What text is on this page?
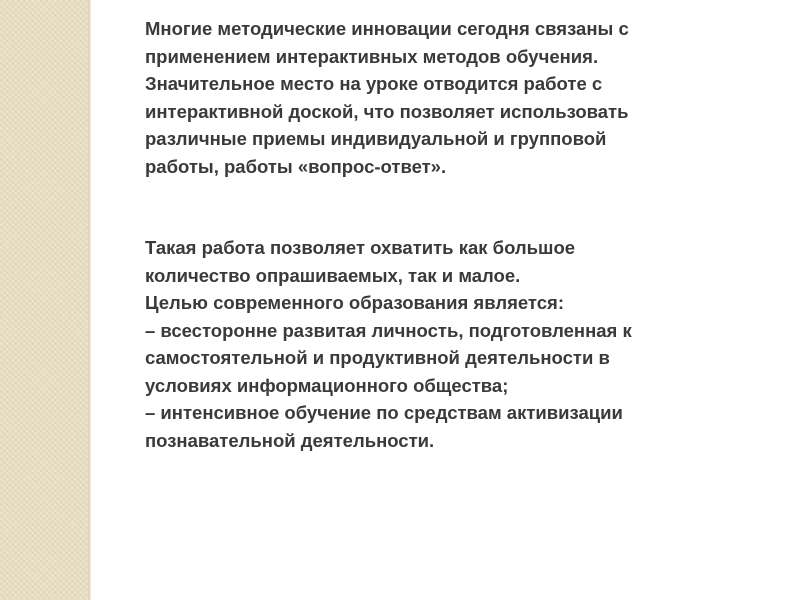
Многие методические инновации сегодня связаны с
применением интерактивных методов обучения.
Значительное место на уроке отводится работе с
интерактивной доской, что позволяет использовать
различные приемы индивидуальной и групповой
работы, работы «вопрос-ответ».

Такая работа позволяет охватить как большое
количество опрашиваемых, так и малое.
Целью современного образования является:
– всесторонне развитая личность, подготовленная к
самостоятельной и продуктивной деятельности в
условиях информационного общества;
– интенсивное обучение по средствам активизации
познавательной деятельности.
